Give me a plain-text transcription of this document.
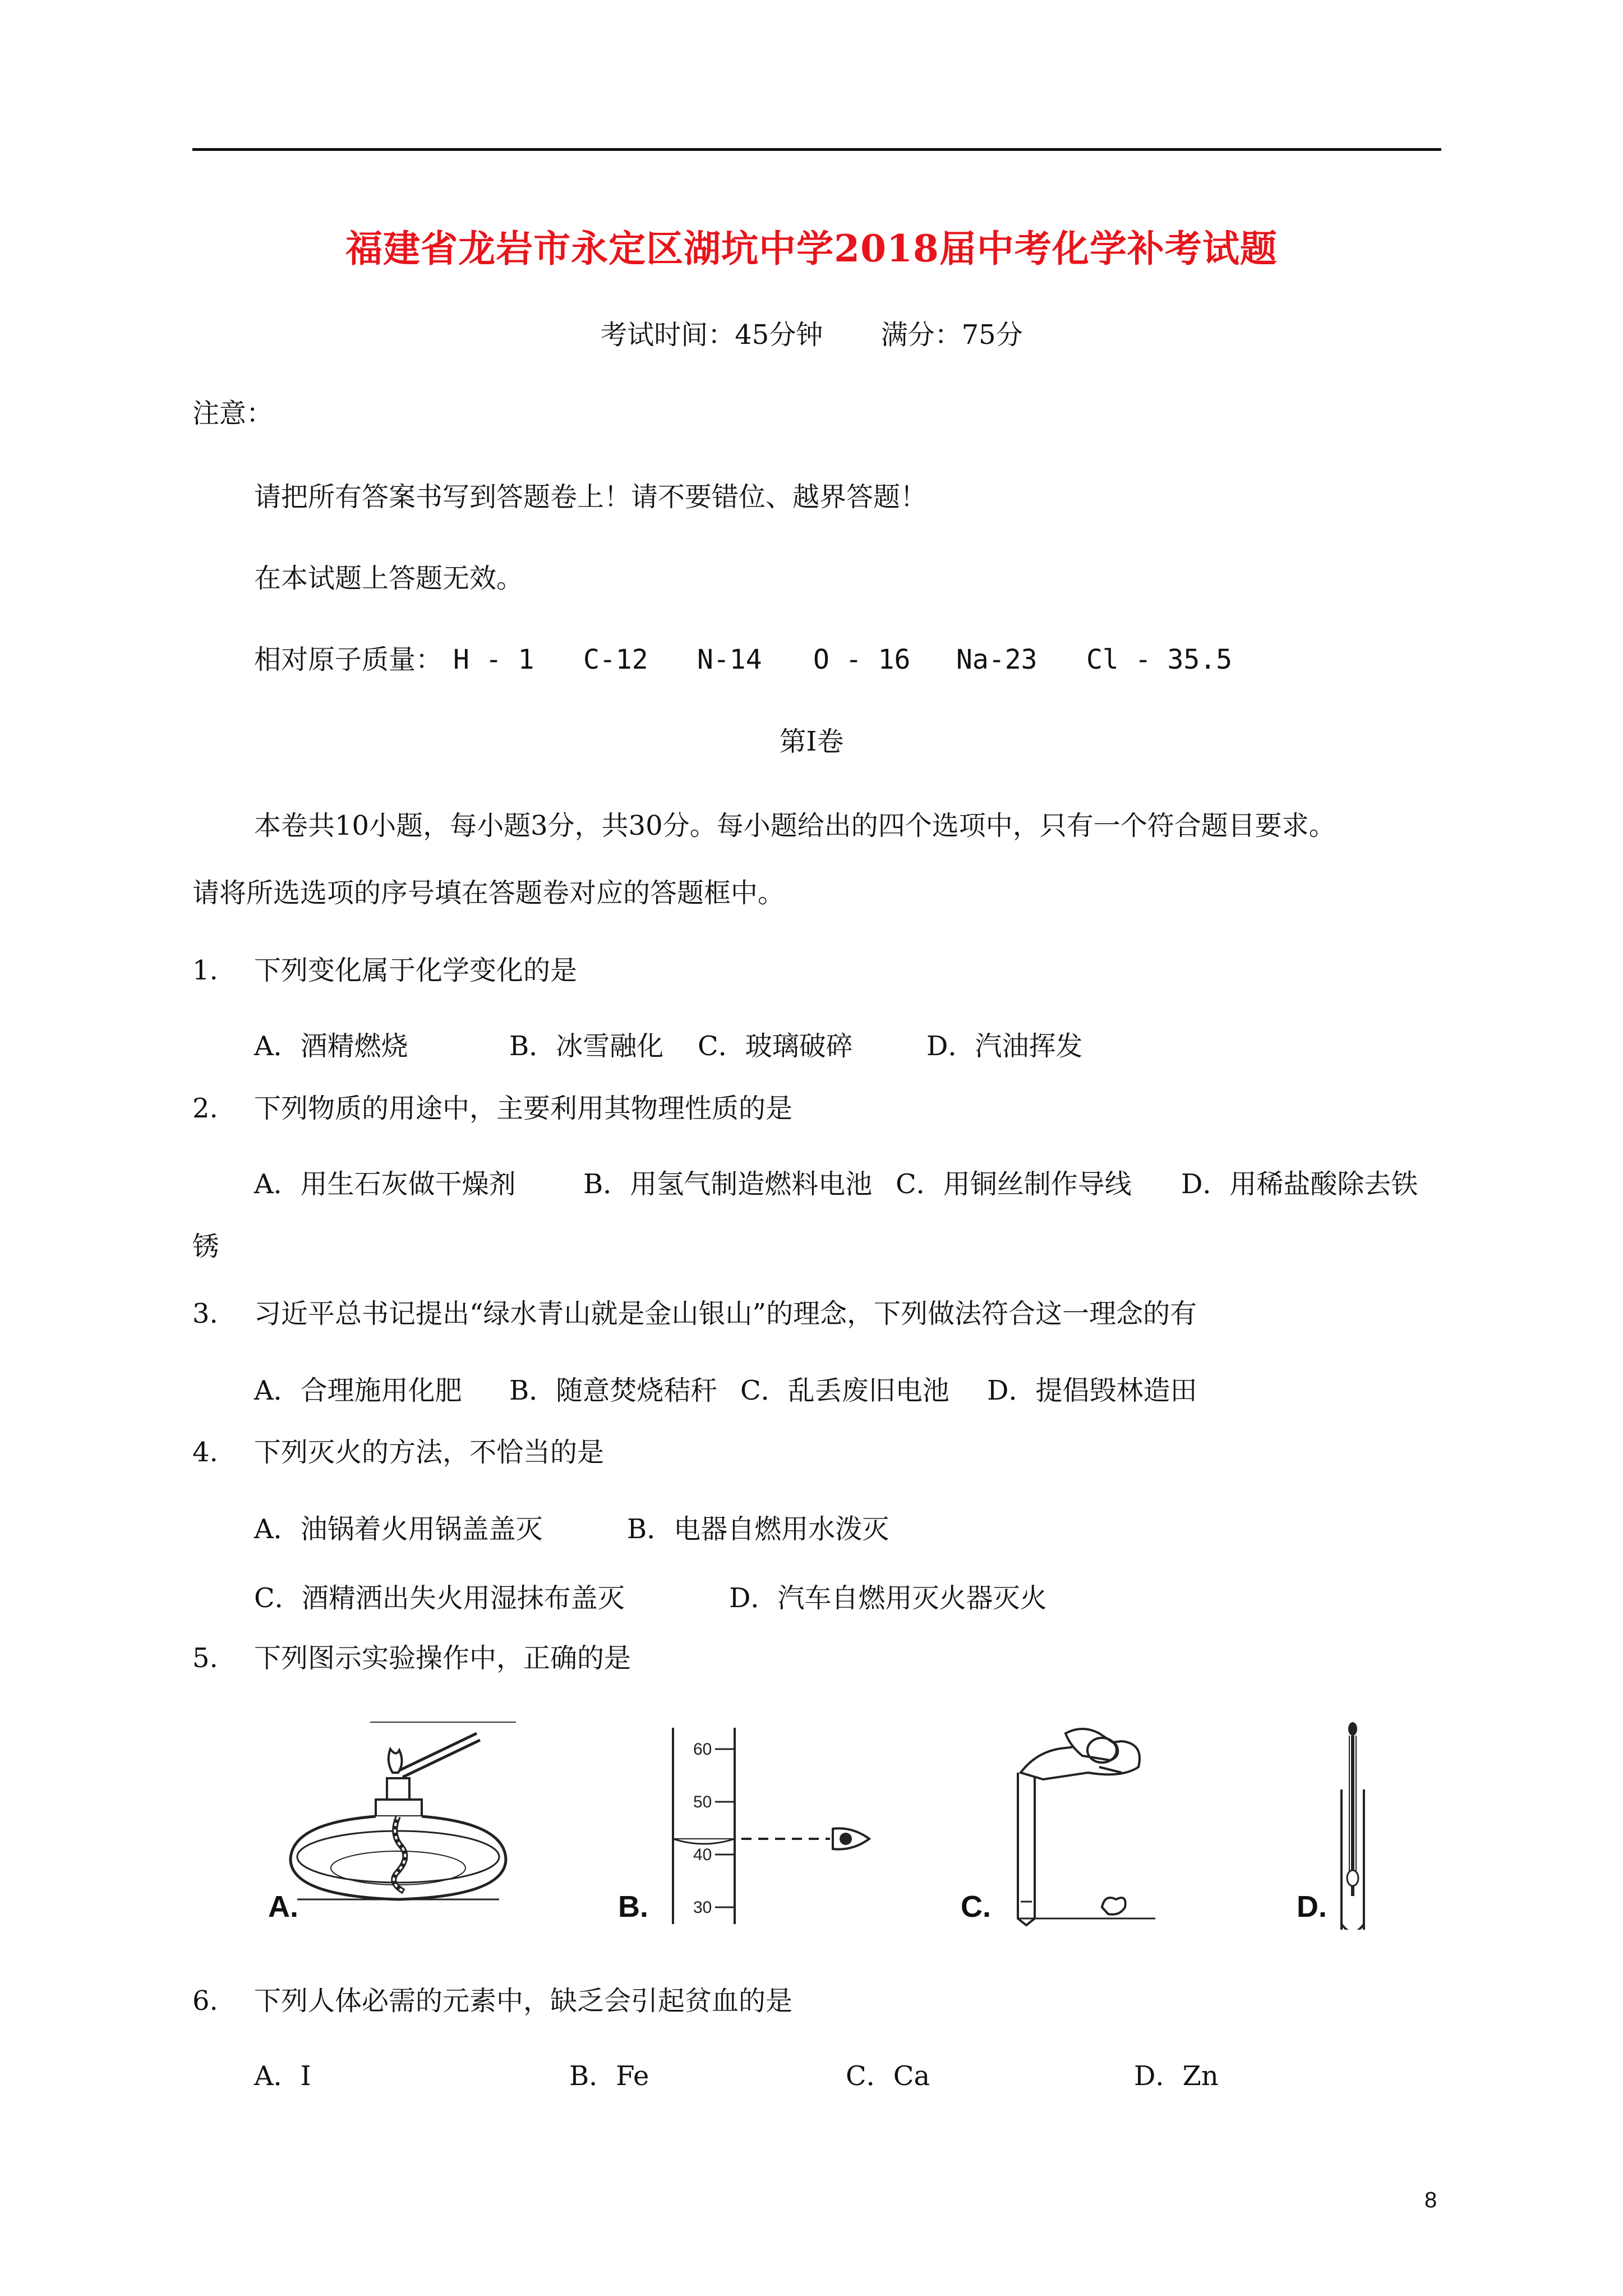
福建省龙岩市永定区湖坑中学2018届中考化学补考试题
考试时间：45分钟 满分：75分
注意：
请把所有答案书写到答题卷上！请不要错位、越界答题！
在本试题上答题无效。
相对原子质量： H - 1 C-12 N-14 O - 16 Na-23 Cl - 35.5
第Ⅰ卷
本卷共10小题，每小题3分，共30分。每小题给出的四个选项中，只有一个符合题目要求。
请将所选选项的序号填在答题卷对应的答题框中。
1. 下列变化属于化学变化的是
A．酒精燃烧	B．冰雪融化 C．玻璃破碎	D．汽油挥发
2. 下列物质的用途中，主要利用其物理性质的是
A．用生石灰做干燥剂	B．用氢气制造燃料电池 C．用铜丝制作导线 D．用稀盐酸除去铁
锈
3. 习近平总书记提出“绿水青山就是金山银山”的理念，下列做法符合这一理念的有
A．合理施用化肥 B．随意焚烧秸秆 C．乱丢废旧电池 D．提倡毁林造田
4. 下列灭火的方法，不恰当的是
A．油锅着火用锅盖盖灭	B．电器自燃用水泼灭
C．酒精洒出失火用湿抹布盖灭	D．汽车自燃用灭火器灭火
5. 下列图示实验操作中，正确的是
A.
60
50
40
30
B.	C.	D.
6. 下列人体必需的元素中，缺乏会引起贫血的是
A．I	B．Fe	C．Ca	D．Zn
8
